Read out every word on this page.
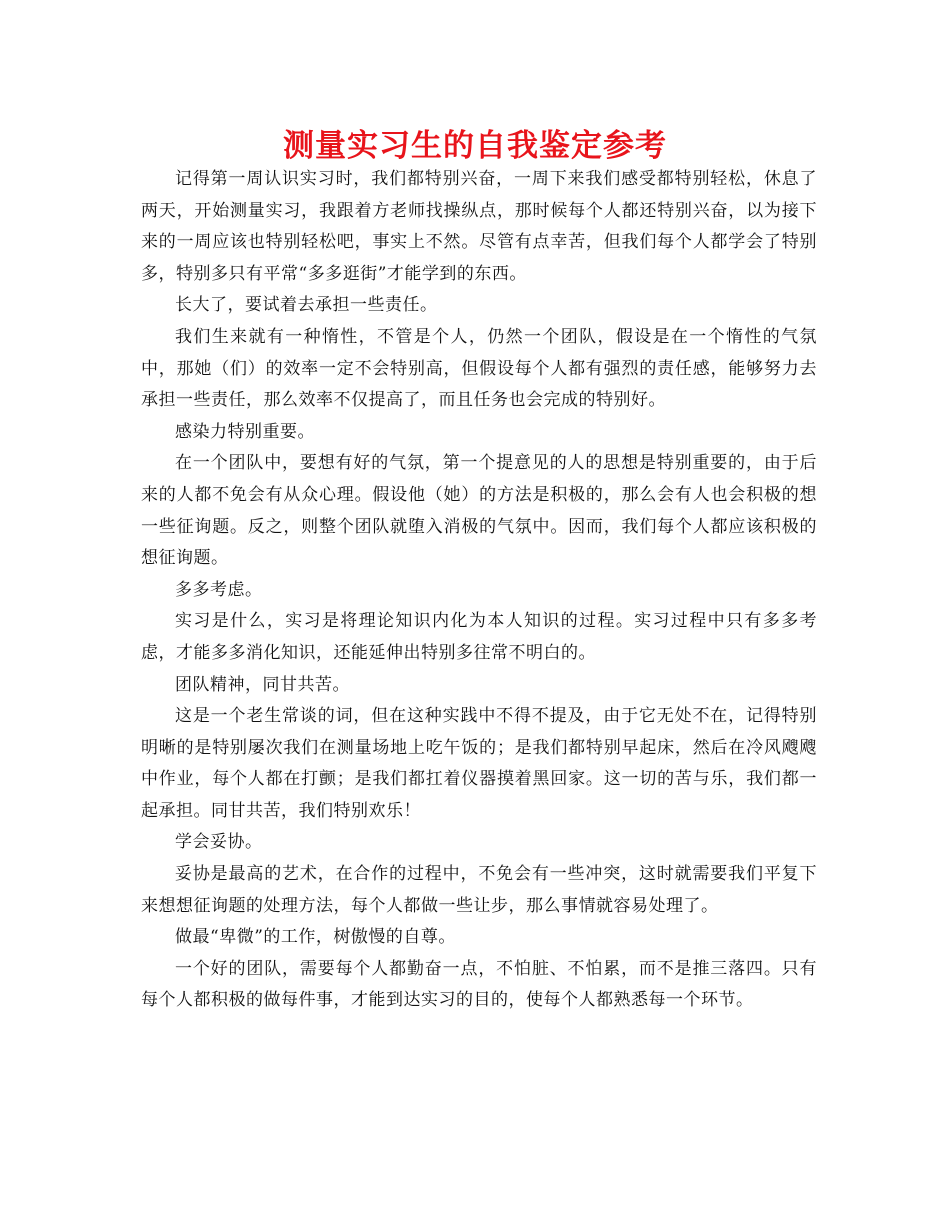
测量实习生的自我鉴定参考

记得第一周认识实习时，我们都特别兴奋，一周下来我们感受都特别轻松，休息了两天，开始测量实习，我跟着方老师找操纵点，那时候每个人都还特别兴奋，以为接下来的一周应该也特别轻松吧，事实上不然。尽管有点幸苦，但我们每个人都学会了特别多，特别多只有平常“多多逛街”才能学到的东西。

长大了，要试着去承担一些责任。

我们生来就有一种惰性，不管是个人，仍然一个团队，假设是在一个惰性的气氛中，那她（们）的效率一定不会特别高，但假设每个人都有强烈的责任感，能够努力去承担一些责任，那么效率不仅提高了，而且任务也会完成的特别好。

感染力特别重要。

在一个团队中，要想有好的气氛，第一个提意见的人的思想是特别重要的，由于后来的人都不免会有从众心理。假设他（她）的方法是积极的，那么会有人也会积极的想一些征询题。反之，则整个团队就堕入消极的气氛中。因而，我们每个人都应该积极的想征询题。

多多考虑。

实习是什么，实习是将理论知识内化为本人知识的过程。实习过程中只有多多考虑，才能多多消化知识，还能延伸出特别多往常不明白的。

团队精神，同甘共苦。

这是一个老生常谈的词，但在这种实践中不得不提及，由于它无处不在，记得特别明晰的是特别屡次我们在测量场地上吃午饭的；是我们都特别早起床，然后在冷风飕飕中作业，每个人都在打颤；是我们都扛着仪器摸着黑回家。这一切的苦与乐，我们都一起承担。同甘共苦，我们特别欢乐！

学会妥协。

妥协是最高的艺术，在合作的过程中，不免会有一些冲突，这时就需要我们平复下来想想征询题的处理方法，每个人都做一些让步，那么事情就容易处理了。

做最“卑微”的工作，树傲慢的自尊。

一个好的团队，需要每个人都勤奋一点，不怕脏、不怕累，而不是推三落四。只有每个人都积极的做每件事，才能到达实习的目的，使每个人都熟悉每一个环节。
